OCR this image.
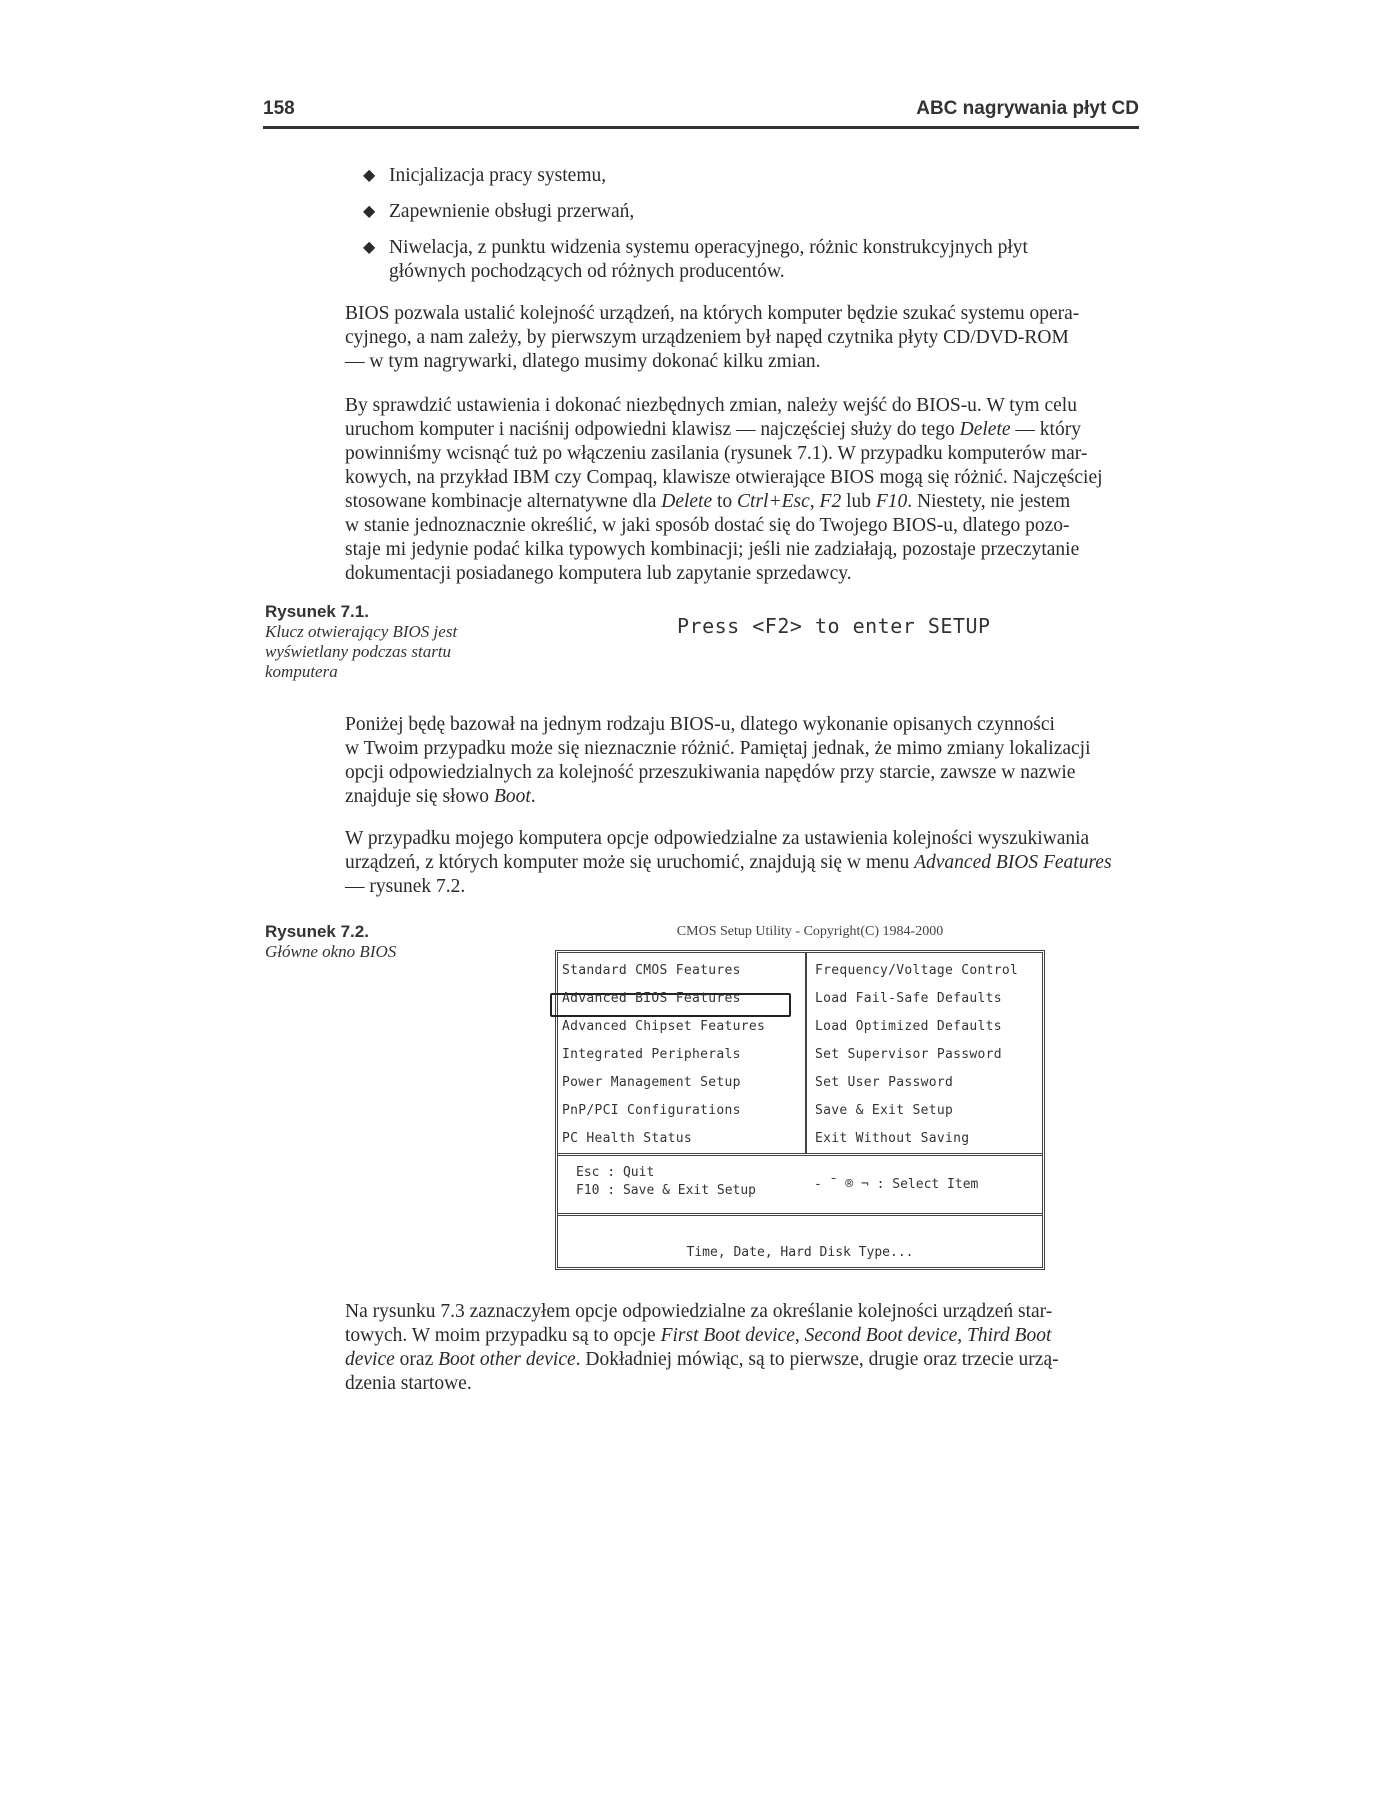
158	ABC nagrywania płyt CD
◆ Inicjalizacja pracy systemu,
◆ Zapewnienie obsługi przerwań,
◆ Niwelacja, z punktu widzenia systemu operacyjnego, różnic konstrukcyjnych płyt
głównych pochodzących od różnych producentów.

BIOS pozwala ustalić kolejność urządzeń, na których komputer będzie szukać systemu opera-

cyjnego, a nam zależy, by pierwszym urządzeniem był napęd czytnika płyty CD/DVD-ROM

— w tym nagrywarki, dlatego musimy dokonać kilku zmian.

By sprawdzić ustawienia i dokonać niezbędnych zmian, należy wejść do BIOS-u. W tym celu

uruchom komputer i naciśnij odpowiedni klawisz — najczęściej służy do tego Delete — który

powinniśmy wcisnąć tuż po włączeniu zasilania (rysunek 7.1). W przypadku komputerów mar-

kowych, na przykład IBM czy Compaq, klawisze otwierające BIOS mogą się różnić. Najczęściej

stosowane kombinacje alternatywne dla Delete to Ctrl+Esc, F2 lub F10. Niestety, nie jestem

w stanie jednoznacznie określić, w jaki sposób dostać się do Twojego BIOS-u, dlatego pozo-

staje mi jedynie podać kilka typowych kombinacji; jeśli nie zadziałają, pozostaje przeczytanie

dokumentacji posiadanego komputera lub zapytanie sprzedawcy.

Rysunek 7.1.
Klucz otwierający BIOS jest
wyświetlany podczas startu
komputera
Press <F2> to enter SETUP

Poniżej będę bazował na jednym rodzaju BIOS-u, dlatego wykonanie opisanych czynności

w Twoim przypadku może się nieznacznie różnić. Pamiętaj jednak, że mimo zmiany lokalizacji

opcji odpowiedzialnych za kolejność przeszukiwania napędów przy starcie, zawsze w nazwie

znajduje się słowo Boot.

W przypadku mojego komputera opcje odpowiedzialne za ustawienia kolejności wyszukiwania

urządzeń, z których komputer może się uruchomić, znajdują się w menu Advanced BIOS Features

— rysunek 7.2.

Rysunek 7.2.
Główne okno BIOS
CMOS Setup Utility - Copyright(C) 1984-2000
Standard CMOS Features
Advanced BIOS Features
Advanced Chipset Features
Integrated Peripherals
Power Management Setup
PnP/PCI Configurations
PC Health Status
Frequency/Voltage Control
Load Fail-Safe Defaults
Load Optimized Defaults
Set Supervisor Password
Set User Password
Save & Exit Setup
Exit Without Saving
Esc : Quit
F10 : Save & Exit Setup	- ¯ ® ¬ : Select Item
Time, Date, Hard Disk Type...

Na rysunku 7.3 zaznaczyłem opcje odpowiedzialne za określanie kolejności urządzeń star-

towych. W moim przypadku są to opcje First Boot device, Second Boot device, Third Boot

device oraz Boot other device. Dokładniej mówiąc, są to pierwsze, drugie oraz trzecie urzą-

dzenia startowe.
